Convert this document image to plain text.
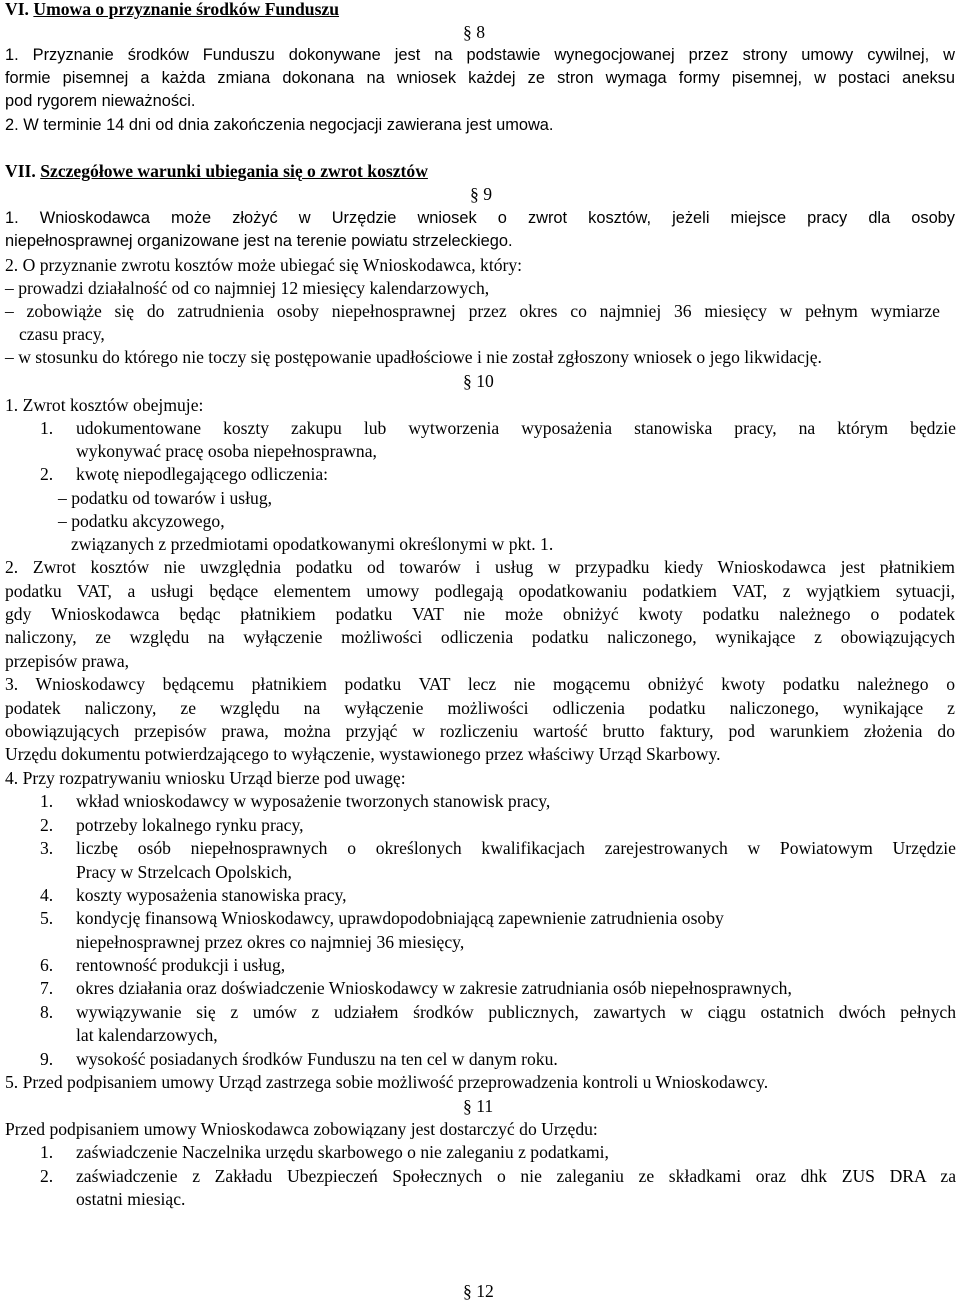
VI. Umowa o przyznanie środków Funduszu
§ 8
1. Przyznanie środków Funduszu dokonywane jest na podstawie wynegocjowanej przez strony umowy cywilnej, w
formie pisemnej a każda zmiana dokonana na wniosek każdej ze stron wymaga formy pisemnej, w postaci aneksu
pod rygorem nieważności.
2. W terminie 14 dni od dnia zakończenia negocjacji zawierana jest umowa.
VII. Szczegółowe warunki ubiegania się o zwrot kosztów
§ 9
1. Wnioskodawca może złożyć w Urzędzie wniosek o zwrot kosztów, jeżeli miejsce pracy dla osoby
niepełnosprawnej organizowane jest na terenie powiatu strzeleckiego.
2. O przyznanie zwrotu kosztów może ubiegać się Wnioskodawca, który:
– prowadzi działalność od co najmniej 12 miesięcy kalendarzowych,
– zobowiąże się do zatrudnienia osoby niepełnosprawnej przez okres co najmniej 36 miesięcy w pełnym wymiarze
czasu pracy,
– w stosunku do którego nie toczy się postępowanie upadłościowe i nie został zgłoszony wniosek o jego likwidację.
§ 10
1. Zwrot kosztów obejmuje:
1. udokumentowane koszty zakupu lub wytworzenia wyposażenia stanowiska pracy, na którym będzie
wykonywać pracę osoba niepełnosprawna,
2. kwotę niepodlegającego odliczenia:
– podatku od towarów i usług,
– podatku akcyzowego,
związanych z przedmiotami opodatkowanymi określonymi w pkt. 1.
2. Zwrot kosztów nie uwzględnia podatku od towarów i usług w przypadku kiedy Wnioskodawca jest płatnikiem
podatku VAT, a usługi będące elementem umowy podlegają opodatkowaniu podatkiem VAT, z wyjątkiem sytuacji,
gdy Wnioskodawca będąc płatnikiem podatku VAT nie może obniżyć kwoty podatku należnego o podatek
naliczony, ze względu na wyłączenie możliwości odliczenia podatku naliczonego, wynikające z obowiązujących
przepisów prawa,
3. Wnioskodawcy będącemu płatnikiem podatku VAT lecz nie mogącemu obniżyć kwoty podatku należnego o
podatek naliczony, ze względu na wyłączenie możliwości odliczenia podatku naliczonego, wynikające z
obowiązujących przepisów prawa, można przyjąć w rozliczeniu wartość brutto faktury, pod warunkiem złożenia do
Urzędu dokumentu potwierdzającego to wyłączenie, wystawionego przez właściwy Urząd Skarbowy.
4. Przy rozpatrywaniu wniosku Urząd bierze pod uwagę:
1. wkład wnioskodawcy w wyposażenie tworzonych stanowisk pracy,
2. potrzeby lokalnego rynku pracy,
3. liczbę osób niepełnosprawnych o określonych kwalifikacjach zarejestrowanych w Powiatowym Urzędzie
Pracy w Strzelcach Opolskich,
4. koszty wyposażenia stanowiska pracy,
5. kondycję finansową Wnioskodawcy, uprawdopodobniającą zapewnienie zatrudnienia osoby
niepełnosprawnej przez okres co najmniej 36 miesięcy,
6. rentowność produkcji i usług,
7. okres działania oraz doświadczenie Wnioskodawcy w zakresie zatrudniania osób niepełnosprawnych,
8. wywiązywanie się z umów z udziałem środków publicznych, zawartych w ciągu ostatnich dwóch pełnych
lat kalendarzowych,
9. wysokość posiadanych środków Funduszu na ten cel w danym roku.
5. Przed podpisaniem umowy Urząd zastrzega sobie możliwość przeprowadzenia kontroli u Wnioskodawcy.
§ 11
Przed podpisaniem umowy Wnioskodawca zobowiązany jest dostarczyć do Urzędu:
1. zaświadczenie Naczelnika urzędu skarbowego o nie zaleganiu z podatkami,
2. zaświadczenie z Zakładu Ubezpieczeń Społecznych o nie zaleganiu ze składkami oraz dhk ZUS DRA za
ostatni miesiąc.
§ 12
